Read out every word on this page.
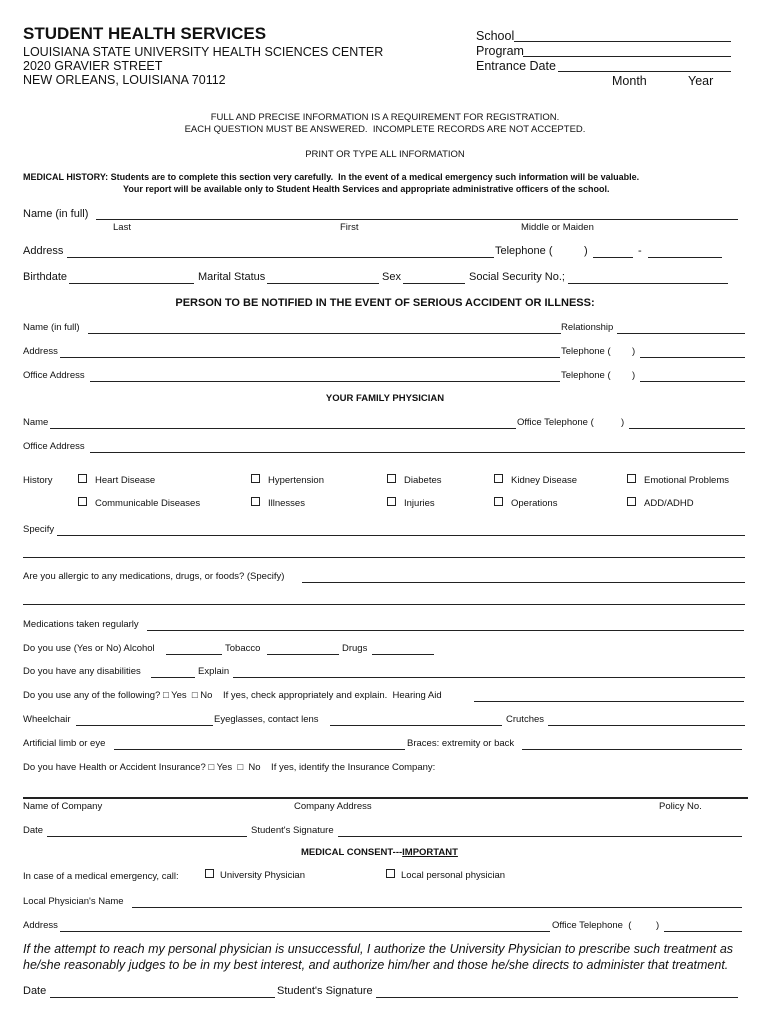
STUDENT HEALTH SERVICES
LOUISIANA STATE UNIVERSITY HEALTH SCIENCES CENTER
2020 GRAVIER STREET
NEW ORLEANS, LOUISIANA 70112
School
Program
Entrance Date
Month	Year
FULL AND PRECISE INFORMATION IS A REQUIREMENT FOR REGISTRATION.
EACH QUESTION MUST BE ANSWERED.  INCOMPLETE RECORDS ARE NOT ACCEPTED.
PRINT OR TYPE ALL INFORMATION
MEDICAL HISTORY: Students are to complete this section very carefully.  In the event of a medical emergency such information will be valuable.
Your report will be available only to Student Health Services and appropriate administrative officers of the school.
Name (in full)
Last	First	Middle or Maiden
Address	Telephone (	)	-
Birthdate	Marital Status	Sex	Social Security No.;
PERSON TO BE NOTIFIED IN THE EVENT OF SERIOUS ACCIDENT OR ILLNESS:
Name (in full)	Relationship
Address	Telephone ( )
Office Address	Telephone ( )
YOUR FAMILY PHYSICIAN
Name	Office Telephone (	)
Office Address
History	Heart Disease	Hypertension	Diabetes	Kidney Disease	Emotional Problems
Communicable Diseases	Illnesses	Injuries	Operations	ADD/ADHD
Specify
Are you allergic to any medications, drugs, or foods? (Specify)
Medications taken regularly
Do you use (Yes or No) Alcohol	Tobacco	Drugs
Do you have any disabilities	Explain
Do you use any of the following? □ Yes  □ No    If yes, check appropriately and explain.  Hearing Aid
Wheelchair	Eyeglasses, contact lens	Crutches
Artificial limb or eye	Braces: extremity or back
Do you have Health or Accident Insurance? □ Yes  □  No    If yes, identify the Insurance Company:
Name of Company	Company Address	Policy No.
Date	Student's Signature
MEDICAL CONSENT---IMPORTANT
In case of a medical emergency, call:	University Physician	Local personal physician
Local Physician's Name
Address	Office Telephone  (	)
If the attempt to reach my personal physician is unsuccessful, I authorize the University Physician to prescribe such treatment as he/she reasonably judges to be in my best interest, and authorize him/her and those he/she directs to administer that treatment.
Date	Student's Signature
